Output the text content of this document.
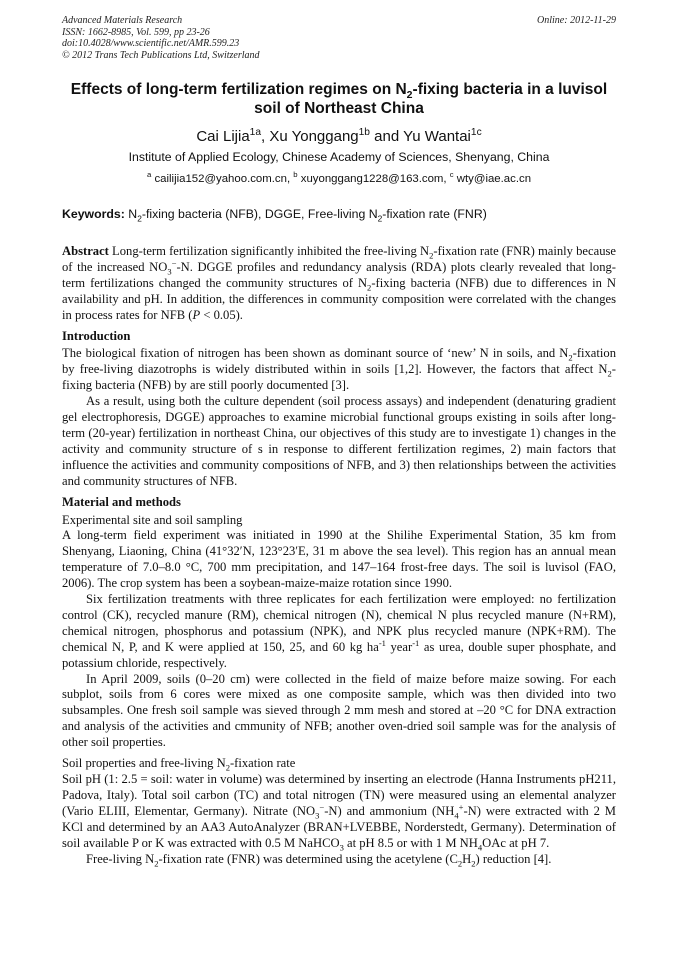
Advanced Materials Research
ISSN: 1662-8985, Vol. 599, pp 23-26
doi:10.4028/www.scientific.net/AMR.599.23
© 2012 Trans Tech Publications Ltd, Switzerland
Online: 2012-11-29
Effects of long-term fertilization regimes on $N_2$-fixing bacteria in a luvisol soil of Northeast China
Cai Lijia$^{1a}$, Xu Yonggang$^{1b}$ and Yu Wantai$^{1c}$
Institute of Applied Ecology, Chinese Academy of Sciences, Shenyang, China
$^a$ cailijia152@yahoo.com.cn, $^b$ xuyonggang1228@163.com, $^c$ wty@iae.ac.cn
Keywords: $N_2$-fixing bacteria (NFB), DGGE, Free-living $N_2$-fixation rate (FNR)

Abstract Long-term fertilization significantly inhibited the free-living $N_2$-fixation rate (FNR) mainly because of the increased $NO_3^--N$. DGGE profiles and redundancy analysis (RDA) plots clearly revealed that long-term fertilizations changed the community structures of $N_2$-fixing bacteria (NFB) due to differences in N availability and pH. In addition, the differences in community composition were correlated with the changes in process rates for NFB (P < 0.05).

Introduction

The biological fixation of nitrogen has been shown as dominant source of ‘new’ N in soils, and $N_2$-fixation by free-living diazotrophs is widely distributed within in soils [1,2]. However, the factors that affect $N_2$-fixing bacteria (NFB) by are still poorly documented [3].

As a result, using both the culture dependent (soil process assays) and independent (denaturing gradient gel electrophoresis, DGGE) approaches to examine microbial functional groups existing in soils after long-term (20-year) fertilization in northeast China, our objectives of this study are to investigate 1) changes in the activity and community structure of s in response to different fertilization regimes, 2) main factors that influence the activities and community compositions of NFB, and 3) then relationships between the activities and community structures of NFB.

Material and methods
Experimental site and soil sampling

A long-term field experiment was initiated in 1990 at the Shilihe Experimental Station, 35 km from Shenyang, Liaoning, China (41°32′N, 123°23′E, 31 m above the sea level). This region has an annual mean temperature of 7.0–8.0 °C, 700 mm precipitation, and 147–164 frost-free days. The soil is luvisol (FAO, 2006). The crop system has been a soybean-maize-maize rotation since 1990.

Six fertilization treatments with three replicates for each fertilization were employed: no fertilization control (CK), recycled manure (RM), chemical nitrogen (N), chemical N plus recycled manure (N+RM), chemical nitrogen, phosphorus and potassium (NPK), and NPK plus recycled manure (NPK+RM). The chemical N, P, and K were applied at 150, 25, and 60 kg $ha^{-1}$ year$^{-1}$ as urea, double super phosphate, and potassium chloride, respectively.

In April 2009, soils (0–20 cm) were collected in the field of maize before maize sowing. For each subplot, soils from 6 cores were mixed as one composite sample, which was then divided into two subsamples. One fresh soil sample was sieved through 2 mm mesh and stored at –20 °C for DNA extraction and analysis of the activities and cmmunity of NFB; another oven-dried soil sample was for the analysis of other soil properties.

Soil properties and free-living $N_2$-fixation rate

Soil pH (1: 2.5 = soil: water in volume) was determined by inserting an electrode (Hanna Instruments pH211, Padova, Italy). Total soil carbon (TC) and total nitrogen (TN) were measured using an elemental analyzer (Vario ELIII, Elementar, Germany). Nitrate $(NO_3^--N)$ and ammonium $(NH_4^+-N)$ were extracted with 2 M KCl and determined by an AA3 AutoAnalyzer (BRAN+LVEBBE, Norderstedt, Germany). Determination of soil available P or K was extracted with 0.5 M NaHCO$_3$ at pH 8.5 or with 1 M $NH_4OAc$ at pH 7.

Free-living $N_2$-fixation rate (FNR) was determined using the acetylene $(C_2H_2)$ reduction [4].
